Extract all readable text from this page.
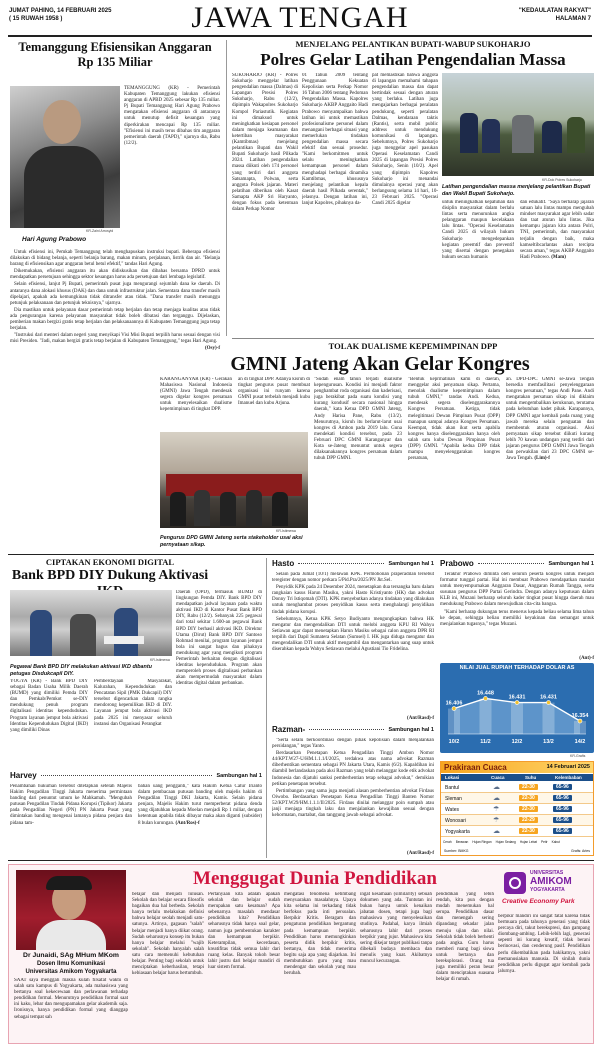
JUMAT PAHING, 14 FEBRUARI 2025
( 15 RUWAH 1958 )	JAWA TENGAH	"KEDAULATAN RAKYAT"
HALAMAN 7
Temanggung Efisiensikan Anggaran Rp 135 Miliar
KR-Zaini Arrosyid
Hari Agung Prabowo
TEMANGGUNG (KR) - Pemerintah Kabupaten Temanggung lakukan efisiensi anggaran di APBD 2025 sebesar Rp 135 miliar. Pj Bupati Temanggung Hari Agung Prabowo mengatakan efisiensi anggaran di antaranya untuk menutup defisit keuangan yang diperkirakan mencapai Rp 135 miliar. "Efisiensi ini masih terus dibahas tim anggaran pemerintah daerah (TAPD)," ujarnya dia, Rabu (12/2).

Untuk efisiensi ini, Pemkab Temanggung telah menghapuskan instruksi bupati. Beberapa efisiensi dilakukan di bidang belanja, seperti belanja barang, makan minum, perjalanan, listrik dan air. "Belanja barang di efisiensikan agar anggaran betul betul efektif," tandas Hari Agung.

Dikemukakan, efisiensi anggaran itu akan didiskusikan dan dibahas bersama DPRD untuk mendapatkan persetujuan sehingga sektor keuangan harus ada persetujuan dari lembaga legislatif.

Selain efisiensi, lanjut Pj Bupati, pemerintah pusat juga mengurangi sejumlah dana ke daerah. Di antaranya dana alokasi khusus (DAK) dan dana untuk infrastruktur jalan. Sementara dana transfer masih dipelajari, apakah ada kemungkinan tidak ditransfer atau tidak. "Dana transfer masih menunggu petunjuk pelaksanaan dan petunjuk teknisnya," ujarnya.

Dia mastikan untuk pelayanan dasar pemerintah tetap berjalan dan tetap menjaga kualitas atau tidak ada pengurangan karena pelayanan masyarakat tidak boleh dibatasi dan terganggu. Dijelaskan, pemberian makan bergizi gratis tetap berjalan dan pelaksanaannya di Kabupaten Temanggung juga tetap berjalan.

"Instruksi dari menteri dalam negeri yang menyikapi Visi Misi Bupati terpilih harus sesuai dengan visi misi Presiden. "Jadi, makan bergizi gratis tetap berjalan di Kabupaten Temanggung," tegas Hari Agung.

(Osy)-f
MENJELANG PELANTIKAN BUPATI-WABUP SUKOHARJO
Polres Gelar Latihan Pengendalian Massa
SUKOHARJO (KR) - Polres Sukoharjo menggelar latihan pengendalian massa (Dalmas) di Lapangan Presisi Polres Sukoharjo, Rabu (12/2), dipimpin Wakapolres Sukoharjo Kompol Pariastutik. Kegiatan ini dimaksud untuk meningkatkan kesiapan personel dalam menjaga keamanan dan ketertiban masyarakat (Kamtibmas) menjelang pelantikan Bupati dan Wakil Bupati Sukoharjo hasil Pilkada 2024. Latihan pengendalian massa diikuti oleh 174 personel yang terdiri dari anggota Satsamapta, Polwan, serta anggota Polsek jajaran. Materi pelatihan diberikan oleh Kasat Samapta AKP Sri Haryanto, dengan fokus pada ketentuan dalam Perkap Nomor
01 Tahun 2009 tentang Penggunaan Kekuatan Kepolisian serta Perkap Nomor 16 Tahun 2006 tentang Pedoman Pengendalian Massa. Kapolres Sukoharjo AKBP Anggaito Hadi Prabowo menyampaikan bahwa latihan ini untuk memastikan profesionalisme personel dalam menangani berbagai situasi yang memerlukan tindakan pengendalian massa secara efektif dan sesuai prosedur. "Kami berkomitmen untuk selalu meningkatkan kemampuan personel dalam menghadapi berbagai dinamika Kamtibmas, khususnya menjelang pelantikan kepala daerah hasil Pilkada serentak," jelasnya. Dengan latihan ini, lanjut Kapolres, pihaknya da-
pat memastikan bahwa anggota di lapangan memahami tahapan pengendalian massa dan dapat bertindak sesuai dengan aturan yang berlaku. Latihan juga mengajarkan berbagai peralatan pendukung, seperti peralatan Dalmas, kendaraan taktis (Rantis), serta mobil public address untuk mendukung komunikasi di lapangan. Sebelumnya, Polres Sukoharjo juga menggelar apel pasukan Operasi Keselamatan Candi 2025 di lapangan Presisi Polres Sukoharjo, Senin (10/2). Apel yang dipimpin Kapolres Sukoharjo ini menandai dimulainya operasi yang akan berlangsung selama 14 hari, 10-23 Februari 2025. "Operasi Candi 2025 digelar
KR-Dok Polres Sukoharjo
Latihan pengendalian massa menjelang pelantikan Bupati dan Wakil Bupati Sukoharjo.
untuk meningkatkan kepatuhan dan disiplin masyarakat dalam berlalu lintas serta menurunkan angka pelanggaran maupun kecelakaan lalu lintas. "Operasi Keselamatan Candi 2025 di wilayah hukum Sukoharjo mengedepankan kegiatan preemtif dan preventif yang disertai dengan penegakan hukum secara humanis
dan edukatif. "Saya berharap jajaran satuan lalu lintas mampu mengubah mindset masyarakat agar lebih sadar dan taat aturan lalu lintas. Jika kemampu jajaran kita antara Polri, TNI, pemerintah, dan masyarakat terjalin dengan baik, maka kamseltibcarlantas akan tercipta secara aman," tegas AKBP Anggaito Hadi Prabowo. (Mam)
TOLAK DUALISME KEPEMIMPINAN DPP
GMNI Jateng Akan Gelar Kongres
KARANGANYAR (KR) - Gerakan Mahasiswa Nasional Indonesia (GMNI) Jawa Tengah mendesak segera digelar kongres persatuan untuk menyelesaikan dualisme kepemimpinan di tingkat DPP.
an di tingkat DPP. Adanya kisruh di tingkat pengurus pusat membuat organisasi ini runyam karena GMNI pusat terbelah menjadi kubu Imanuel dan kubu Arjuna.
KR-Istimewa
Pengurus DPD GMNI Jateng serta stakeholder usai aksi pernyataan sikap.
"Sudah enam tahun terjadi dualisme kepengurusan. Kondisi ini menjadi faktor penghambat roda organisasi dan kaderisasi, juga berakibat pada suatu kondisi yang kurang kondusif secara nasional hingga daerah," kata Ketua DPD GMNI Jateng, Andy Harisa Pane, Rabu (13/2). Menurutnya, kisruh itu berlarut-larut usai kongres di Ambon pada 2019 lalu. Guna mendekati kondisi tersebut, pada 23 Februari DPC GMNI Karanganyar dan Kota se-Jateng menuntut untuk segera dilaksanakannya kongres persatuan dalam tubuh DPP GMNI.
"Bentuk keprihatinan kami di daerah, menggelar aksi penyatuan sikap. Pertama, menolak dualisme kepemimpinan dalam tubuh GMNI," tandas Andi. Kedua, mendesak segera diselenggarakannya Kongres Persatuan. Ketiga, tidak melegitimasi Dewan Pimpinan Pusat (DPP) manapun sampai adanya Kongres Persatuan. Keempat, tidak akan ikut serta apabila kongres hanya diselenggarakan hanya oleh salah satu kubu Dewan Pimpinan Pusat (DPP) GMNI. "Apabila kedua DPP tidak mampu menyelenggarakan kongres persatuan,
an. DPD-DPC GMNI se-Jawa Tengah bersedia memfasilitasi penyelenggaraan kongres persatuan," tegas Andi Pane. Andi mengatakan persatuan sikap ini diklaim untuk mengembalikan kerukunan, terutama pada kebutuhan kadet pihak. Karapannya, DPP GMNI agar kembali pada ruang yang jawab mereka selain penguatan dan membentuk aturan organisasi. Aksi pernyataan sikap tersebut diikuti kurang lebih 70 kawan undangan yang terdiri dari jajaran pengurus DPD GMNI Jawa Tengah dan perwakilan dari 23 DPC GMNI se-Jawa Tengah. (Lim)-f
CIPTAKAN EKONOMI DIGITAL
Bank BPD DIY Dukung Aktivasi
KR-Istimewa
Pegawai Bank BPD DIY melakukan aktivasi IKD dibantu petugas Disdukcapil DIY.
Daerah (OPD), termasuk BUMD di lingkungan Pemda DIY. Bank BPD DIY mendapatkan jadwal layanan pada waktu aktivasi IKD di Kantor Pusat Bank BPD DIY, Rabu (12/2). Sebanyak 225 pegawai dari total sekitar 1.600-an pegawai Bank BPD DIY berhasil aktivasi IKD. Direktur Utama (Dirut) Bank BPD DIY Santoso Rohmad menilai, program layanan jemput bola ini sangat bagus dan pihaknya mendukung agar yang mengikuti program Pemerintah berkaitan dengan digitalisasi identitas kependudukan. Program akan memperoleh proses digitalisasi perbankan akan mempermudah masyarakat dalam identitas digital dalam perbankan.
YOGYA (KR) - Bank BPD DIY sebagai Badan Usaha Milik Daerah (BUMD) yang dimiliki Pemda DIY dan Pemkab/Pemkot se-DIY mendukung penuh program digitalisasi identitas kependudukan. Program layanan jemput bola aktivasi Identitas Kependudukan Digital (IKD) yang dimiliki Dinas
Pemberdayaan Masyarakat, Kalurahan, Kependudukan dan Pencatatan Sipil (PMK Dukcapil) DIY tersebut digencarkan dalam rangka mendorong kepemilikan IKD di DIY. Layanan jemput bola aktivasi IKD pada 2025 ini menyasar seluruh instansi dan Organisasi Perangkat
Harvey	Sambungan hal 1
Penambahan hukuman tersebut ditetapkan setelah Majelis Hakim Pengadilan Tinggi Jakarta menerima permintaan banding dari penuntut umum ke Mahkamah. "Mengubah putusan Pengadilan Tindak Pidana Korupsi (Tipikor) Jakarta pada Pengadilan Negeri (PN) PN Jakarta Pusat yang dimintakan banding mengenai lamanya pidana penjara dan pidana tam-
bahan uang pengganti," kata Hakim Ketua Catur Irianto dalam pembacaan putusan banding oleh majelis hakim di Pengadilan Tinggi DKI Jakarta, Kamis. Selain pidana penjara, Majelis Hakim turut memperberat pidana denda yang dijatuhkan kepada Moelan menjadi Rp 1 miliar, dengan ketentuan apabila tidak dibayar maka akan diganti (subsider) 8 bulan kurungan. (Ant/Ros)-f
Hasto	Sambungan hal 1

Selain pada Jumat (10/1) melawan KPK. Permohonan praperadilan tersebut teregister dengan nomor perkara 5/Pid.Pra/2025/PN Jkt.Sel.

Penyidik KPK pada 24 Desember 2024, menetapkan dua tersangka baru dalam rangkaian kasus Harun Masiku, yakni Hasto Kristiyanto (HK) dan advokat Donny Tri Istiqomah (DTI). KPK menyebutkan adanya tindakan yang dilakukan untuk menghambat proses penyidikan kasus serta menghalangi penyidikan tindak pidana korupsi.

Sebelumnya, Ketua KPK Setyo Budiyanto mengungkapkan bahwa HK mengatur dan mengendalikan DTI untuk melobi anggota KPU RI Wahyu Setiawan agar dapat menetapkan Harun Masiku sebagai calon anggota DPR RI terpilih dari Dapil Sumatera Selatan (Sumsel) I. HK juga diduga mengatur dan mengendalikan DTI untuk aktif mengambil dan mengantarkan uang suap untuk diserahkan kepada Wahyu Setiawan melalui Agustiani Tio Fridelina.

(Ant/Rasd)-f
Razman-	Sambungan hal 1

"Serta selalu berkoordinasi dengan pihak kepolisian dalam menjalankan persidangan," tegas Yanto.

Berdasarkan Penetapan Ketua Pengadilan Tinggi Ambon Nomor 44/KPT.W27-U/HM.1.1.1/I/2025, terdakwa atas nama advokat Razman diberhentikan sementara sebagai PN Jakarta Utara, Kamis (6/2). Kapaldihan ini diambil berlandaskan pada aksi Razman yang telah melanggar kode etik advokat Indonesia dan dijatuhi sanksi pemberhentian tetap sebagai advokat," demikian petikan penetapan tersebut.

Pertimbangan yang sama juga menjadi alasan pemberhentian advokat Firdaus Oiwobo. Berdasarkan Penetapan Ketua Pengadilan Tinggi Banten Nomor 52/KPT.W29/HM.1.1.1/II/2025. Firdaus dinilai melanggar poin sumpah atau janji menjaga tingkah laku dan menjalankan kewajiban sesuai dengan kehormatan, martabat, dan tanggung jawab sebagai advokat.

(Ant/Rasd)-f
Prabowo	Sambungan hal 1

Terakhir Prabowo diminta oleh seluruh peserta kongres untuk menjadi formatur tunggal partai. Hal ini membuat Prabowo mendapatkan mandat untuk menyempurnakan Anggaran Dasar, Anggaran Rumah Tangga, serta susunan pengurus DPP Partai Gerindra. Dengan adanya keputusan dalam KLB ini, Muzani berharap seluruh kader tingkat pusat hingga daerah mau mendukung Prabowo dalam mewujudkan cita-cita bangsa.

"Kami berharap dukungan terus menerus kepada beliau selama lima tahun ke depan, sehingga beliau memiliki keyakinan dan semangat untuk menjalankan tugasnya," tegas Muzani.

(Ant)-f
NILAI JUAL RUPIAH TERHADAP DOLAR AS
16.406
10/2
16.448
11/2
16.431
12/2
16.431
13/2
16.354
14/2
KR-Grafis
Prakiraan Cuaca	14 Februari 2025
Lokasi	Cuaca	Suhu	Kelembaban
Bantul	☁	22-30	65-96
Sleman	☁	22-30	65-96
Wates	☂	22-30	65-96
Wonosari	☂	22-29	65-96
Yogyakarta	☁	22-30	65-96
Cerah Berawan Hujan Ringan Hujan Sedang Hujan Lebat Petir Kabut
Sumber: BMKG	Grafis: Aries
Menggugat Dunia Pendidikan
Dr Junaidi, SAg MHum MKom
Dosen Ilmu Komunikasi
Universitas Amikom Yogyakarta
UNIVERSITAS
AMIKOM
YOGYAKARTA
Creative Economy Park
SAAT saya menggali makna kulah filsafat waktu di salah satu kampus di Yogyakarta, ada mahasiswa yang bertanya soal kekecewaan dan perlawanan terhadap pendidikan formal. Menurutnya pendidikan formal saat ini kaku, lebar dan mengupamakan gelar akademik saja. Ironisnya, hanya pendidikan formal yang dianggap sebagai tempat sah
belajar dan menjadi lulusan. Sekolah dan belajar secara filosofis bagaikan dua hal berbeda. Sekolah hanya terlalu melakukan definisi bahwa belajar seolah menjadi satu-satunya. Artinya, gagasan "salah" belajar menjadi hanya diikat orang. Sudah seharusnya konsep itu bukan hanya belajar melalui "wajib sekolah". Sekolah hanyalah salah satu cara memenuhi kebutuhan belajar. Penting bagi sekolah untuk menciptakan keberhasilan, tetapi kebiasaan belajar harus bertumbuh.
Pertanyaan kita adalah apakah sekolah dan belajar sudah merupakan satu kesatuan? Apa sebenarnya masalah mendasar pendidikan kita? Pendidikan seharusnya tidak hanya soal gelar, namun juga pembentukan karakter dan kemampuan berpikir. Keterampilan, kecerdasan, kreatifitas tidak semua lahir dari ruang kelas. Banyak tokoh besar lahir justru dari belajar mandiri di luar sistem formal.
mengatasi fenomena ketimbang menyuarakan masalahnya. Upaya kita selama ini terkadang tidak berfokus pada inti persoalan. Berpikir Kritis. Beragam dan pengaturan pendidikan bergantung pada kemampuan berpikir. Pendidikan harus memungkinkan peserta didik berpikir kritis, bertanya, dan tidak menerima begitu saja apa yang diajarkan. Ini membutuhkan guru yang mau mendengar dan sekolah yang mau berubah.
ingat kesamaan (similarity) sebuah dokumen yang ada. Tuntutan ini bukan hanya untuk kenaikan jabatan dosen, tetapi juga bagi mahasiswa yang menyelesaikan studinya. Padahal, karya ilmiah seharusnya lahir dari proses berpikir yang jujur. Mahasiswa kita sering dikejar target publikasi tanpa dibekali budaya membaca dan menulis yang kuat. Akibatnya muncul kecurangan.
pendidikan yang lebih rendah, kita pun dengan mudah menemukan hal serupa. Pendidikan dasar dan menengah sering dipandang sekadar jalan menuju ujian dan nilai. Sekolah tidak boleh berhenti pada angka. Guru harus memberi ruang bagi siswa untuk bertanya dan bereksplorasi. Orang tua juga memiliki peran besar dalam menciptakan suasana belajar di rumah.
berpikir mandiri ini sangat fatal karena tidak bermuara pada tahunya generasi yang tidak percaya diri, takut berekspresi, dan gampang diombang-ambing. Lebih-lebih lagi, generasi sepenti ini kurang kreatif, tidak berani berinovasi, dan cenderung pasif. Pendidikan perlu dikembalikan pada hakikatnya, yakni memanusiakan manusia. Di sinilah dunia pendidikan perlu digugat agar kembali pada jalurnya.
